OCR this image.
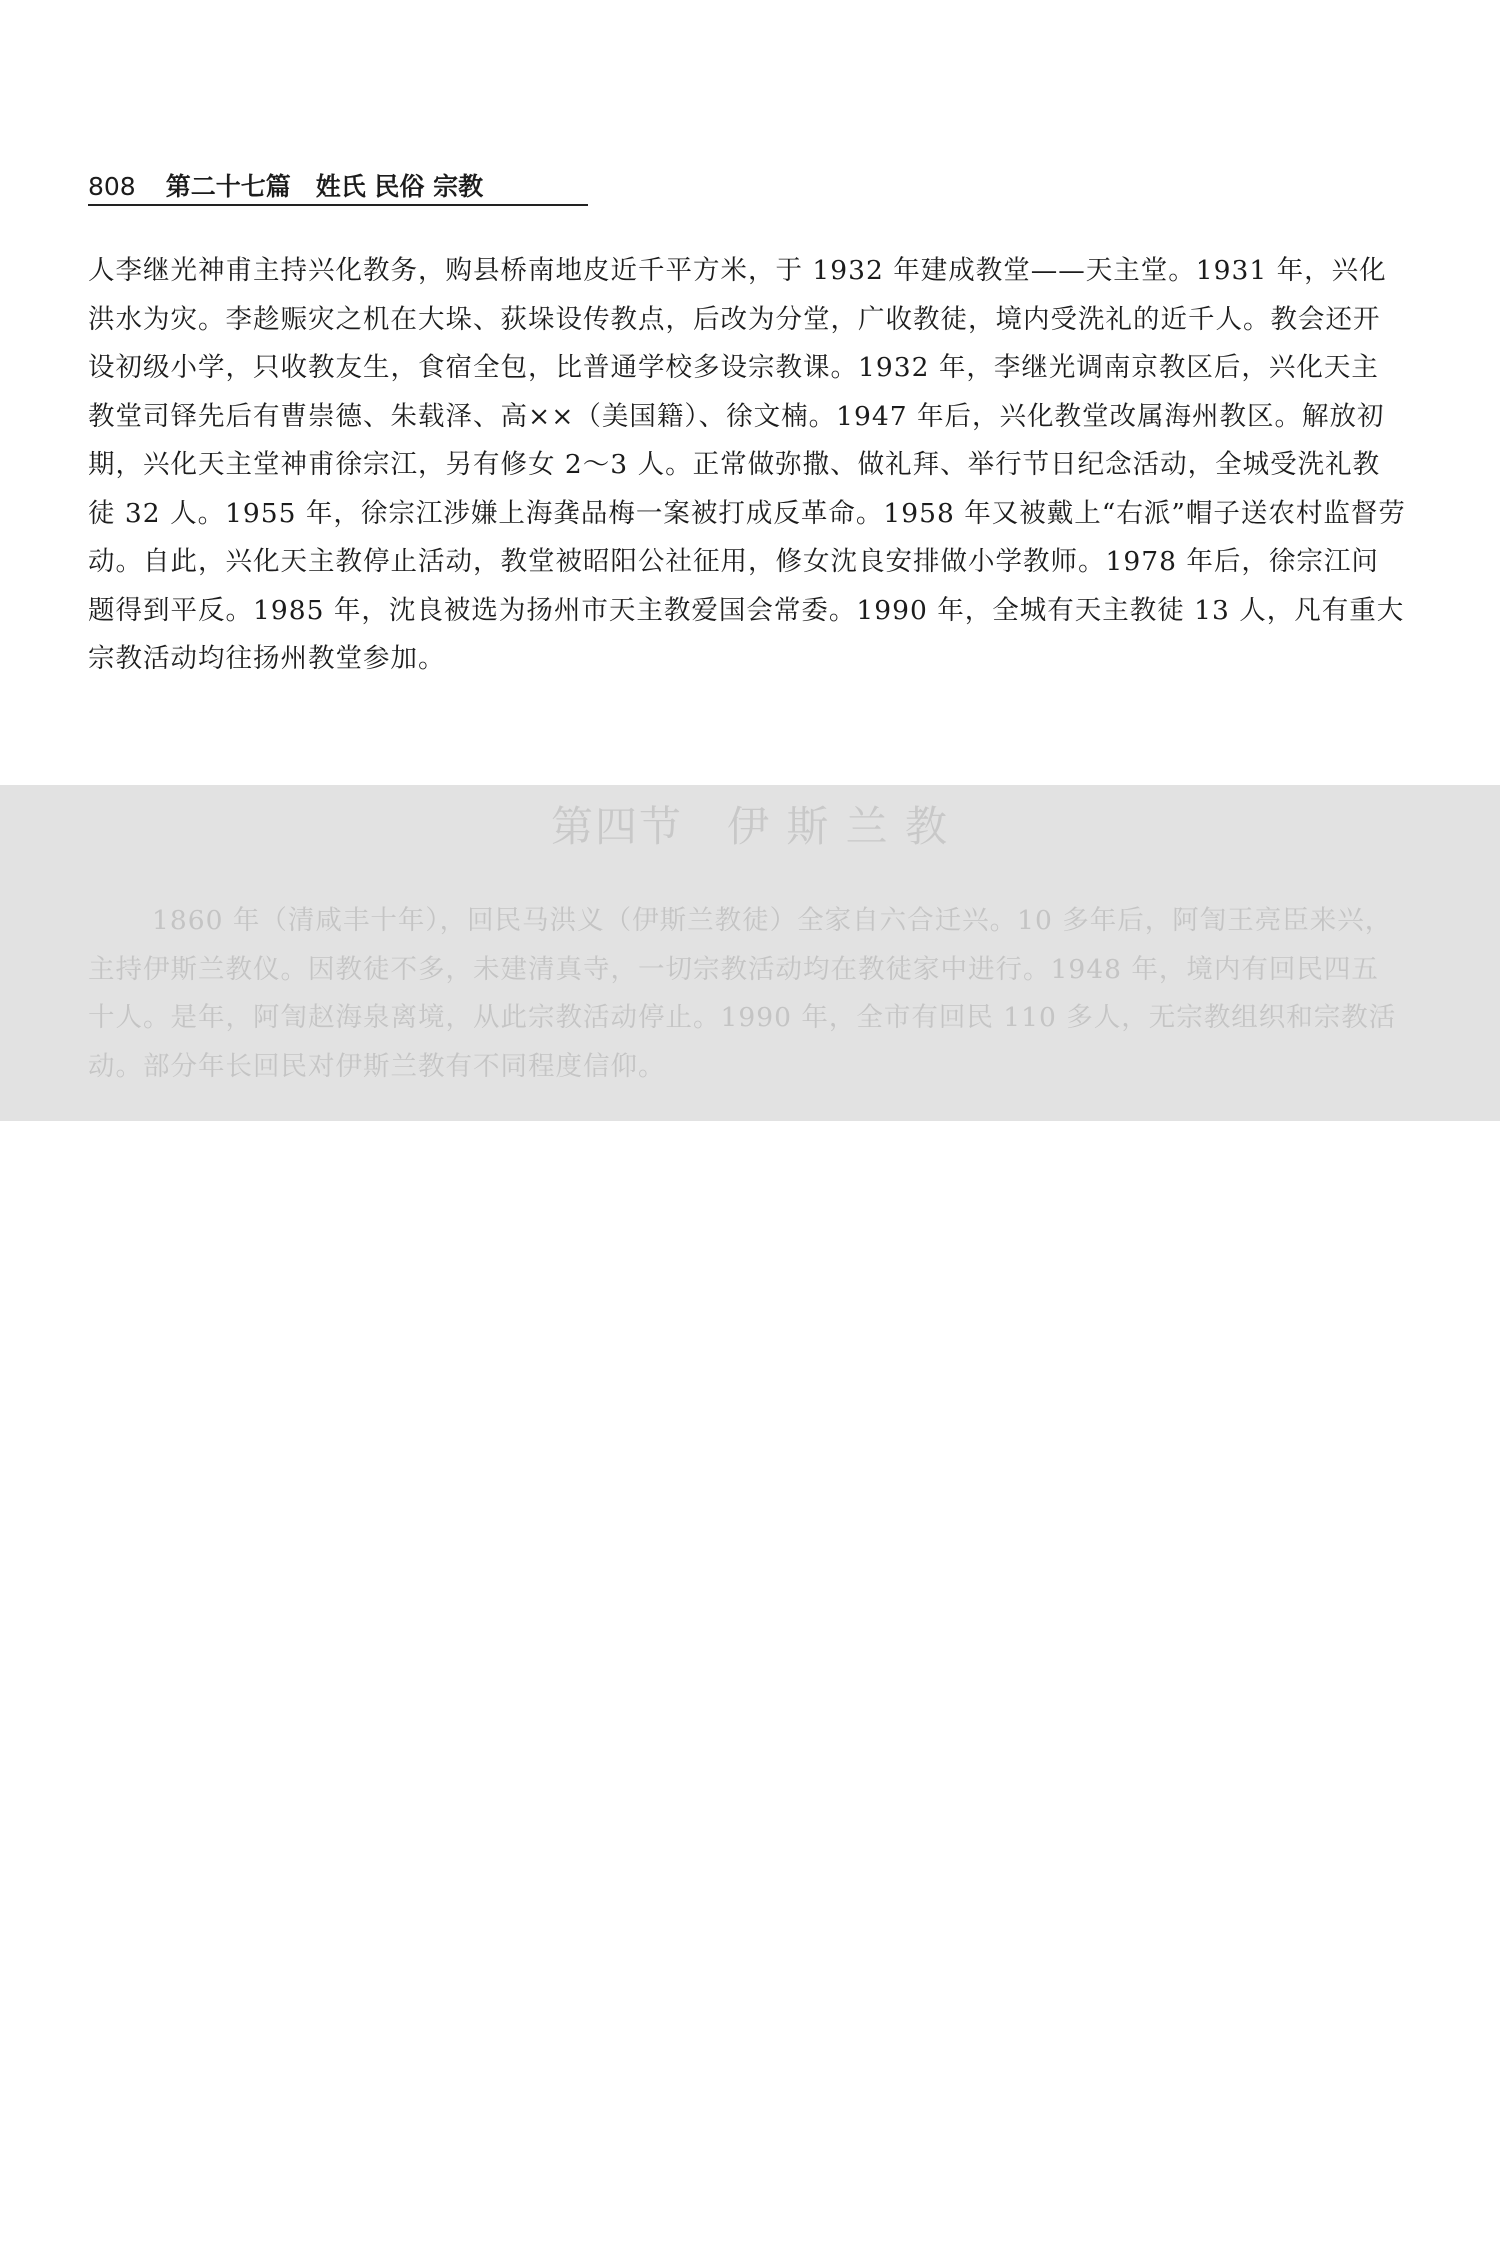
808 第二十七篇　姓氏 民俗 宗教

人李继光神甫主持兴化教务，购县桥南地皮近千平方米，于 1932 年建成教堂——天主堂。1931 年，兴化洪水为灾。李趁赈灾之机在大垛、荻垛设传教点，后改为分堂，广收教徒，境内受洗礼的近千人。教会还开设初级小学，只收教友生，食宿全包，比普通学校多设宗教课。1932 年，李继光调南京教区后，兴化天主教堂司铎先后有曹崇德、朱载泽、高××（美国籍）、徐文楠。1947 年后，兴化教堂改属海州教区。解放初期，兴化天主堂神甫徐宗江，另有修女 2～3 人。正常做弥撒、做礼拜、举行节日纪念活动，全城受洗礼教徒 32 人。1955 年，徐宗江涉嫌上海龚品梅一案被打成反革命。1958 年又被戴上“右派”帽子送农村监督劳动。自此，兴化天主教停止活动，教堂被昭阳公社征用，修女沈良安排做小学教师。1978 年后，徐宗江问题得到平反。1985 年，沈良被选为扬州市天主教爱国会常委。1990 年，全城有天主教徒 13 人，凡有重大宗教活动均往扬州教堂参加。

第四节　伊 斯 兰 教

1860 年（清咸丰十年），回民马洪义（伊斯兰教徒）全家自六合迁兴。10 多年后，阿訇王亮臣来兴，主持伊斯兰教仪。因教徒不多，未建清真寺，一切宗教活动均在教徒家中进行。1948 年，境内有回民四五十人。是年，阿訇赵海泉离境，从此宗教活动停止。1990 年，全市有回民 110 多人，无宗教组织和宗教活动。部分年长回民对伊斯兰教有不同程度信仰。
